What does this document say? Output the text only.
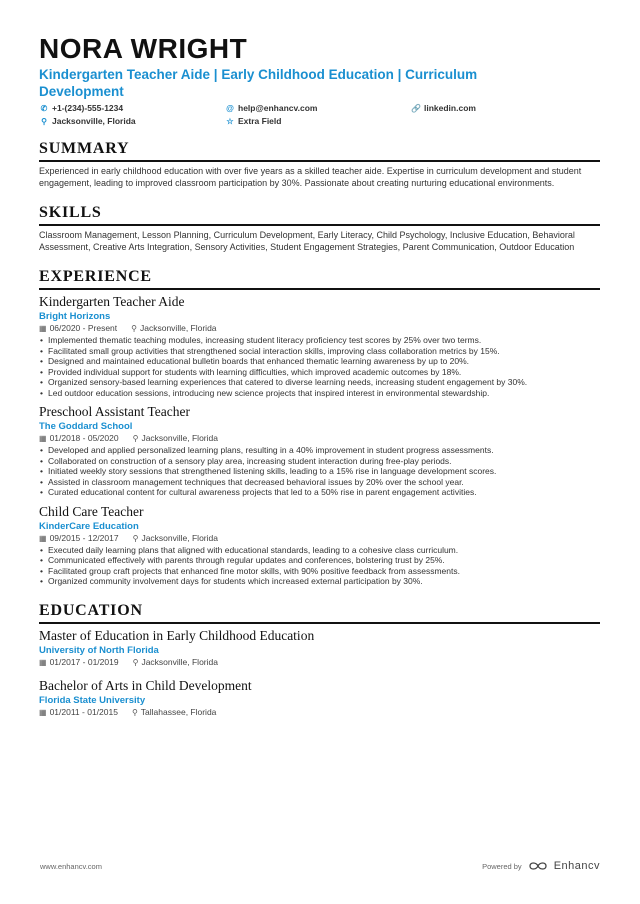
NORA WRIGHT
Kindergarten Teacher Aide | Early Childhood Education | Curriculum Development
✆ +1-(234)-555-1234	@ help@enhancv.com	🔗 linkedin.com
⚲ Jacksonville, Florida	☆ Extra Field
SUMMARY

Experienced in early childhood education with over five years as a skilled teacher aide. Expertise in curriculum development and student engagement, leading to improved classroom participation by 30%. Passionate about creating nurturing educational environments.

SKILLS

Classroom Management, Lesson Planning, Curriculum Development, Early Literacy, Child Psychology, Inclusive Education, Behavioral Assessment, Creative Arts Integration, Sensory Activities, Student Engagement Strategies, Parent Communication, Outdoor Education

EXPERIENCE
Kindergarten Teacher Aide
Bright Horizons
▦ 06/2020 - Present ⚲ Jacksonville, Florida
• Implemented thematic teaching modules, increasing student literacy proficiency test scores by 25% over two terms.
• Facilitated small group activities that strengthened social interaction skills, improving class collaboration metrics by 15%.
• Designed and maintained educational bulletin boards that enhanced thematic learning awareness by up to 20%.
• Provided individual support for students with learning difficulties, which improved academic outcomes by 18%.
• Organized sensory-based learning experiences that catered to diverse learning needs, increasing student engagement by 30%.
• Led outdoor education sessions, introducing new science projects that inspired interest in environmental stewardship.
Preschool Assistant Teacher
The Goddard School
▦ 01/2018 - 05/2020 ⚲ Jacksonville, Florida
• Developed and applied personalized learning plans, resulting in a 40% improvement in student progress assessments.
• Collaborated on construction of a sensory play area, increasing student interaction during free-play periods.
• Initiated weekly story sessions that strengthened listening skills, leading to a 15% rise in language development scores.
• Assisted in classroom management techniques that decreased behavioral issues by 20% over the school year.
• Curated educational content for cultural awareness projects that led to a 50% rise in parent engagement activities.
Child Care Teacher
KinderCare Education
▦ 09/2015 - 12/2017 ⚲ Jacksonville, Florida
• Executed daily learning plans that aligned with educational standards, leading to a cohesive class curriculum.
• Communicated effectively with parents through regular updates and conferences, bolstering trust by 25%.
• Facilitated group craft projects that enhanced fine motor skills, with 90% positive feedback from assessments.
• Organized community involvement days for students which increased external participation by 30%.
EDUCATION
Master of Education in Early Childhood Education
University of North Florida
▦ 01/2017 - 01/2019 ⚲ Jacksonville, Florida
Bachelor of Arts in Child Development
Florida State University
▦ 01/2011 - 01/2015 ⚲ Tallahassee, Florida
www.enhancv.com	Powered by	Enhancv
